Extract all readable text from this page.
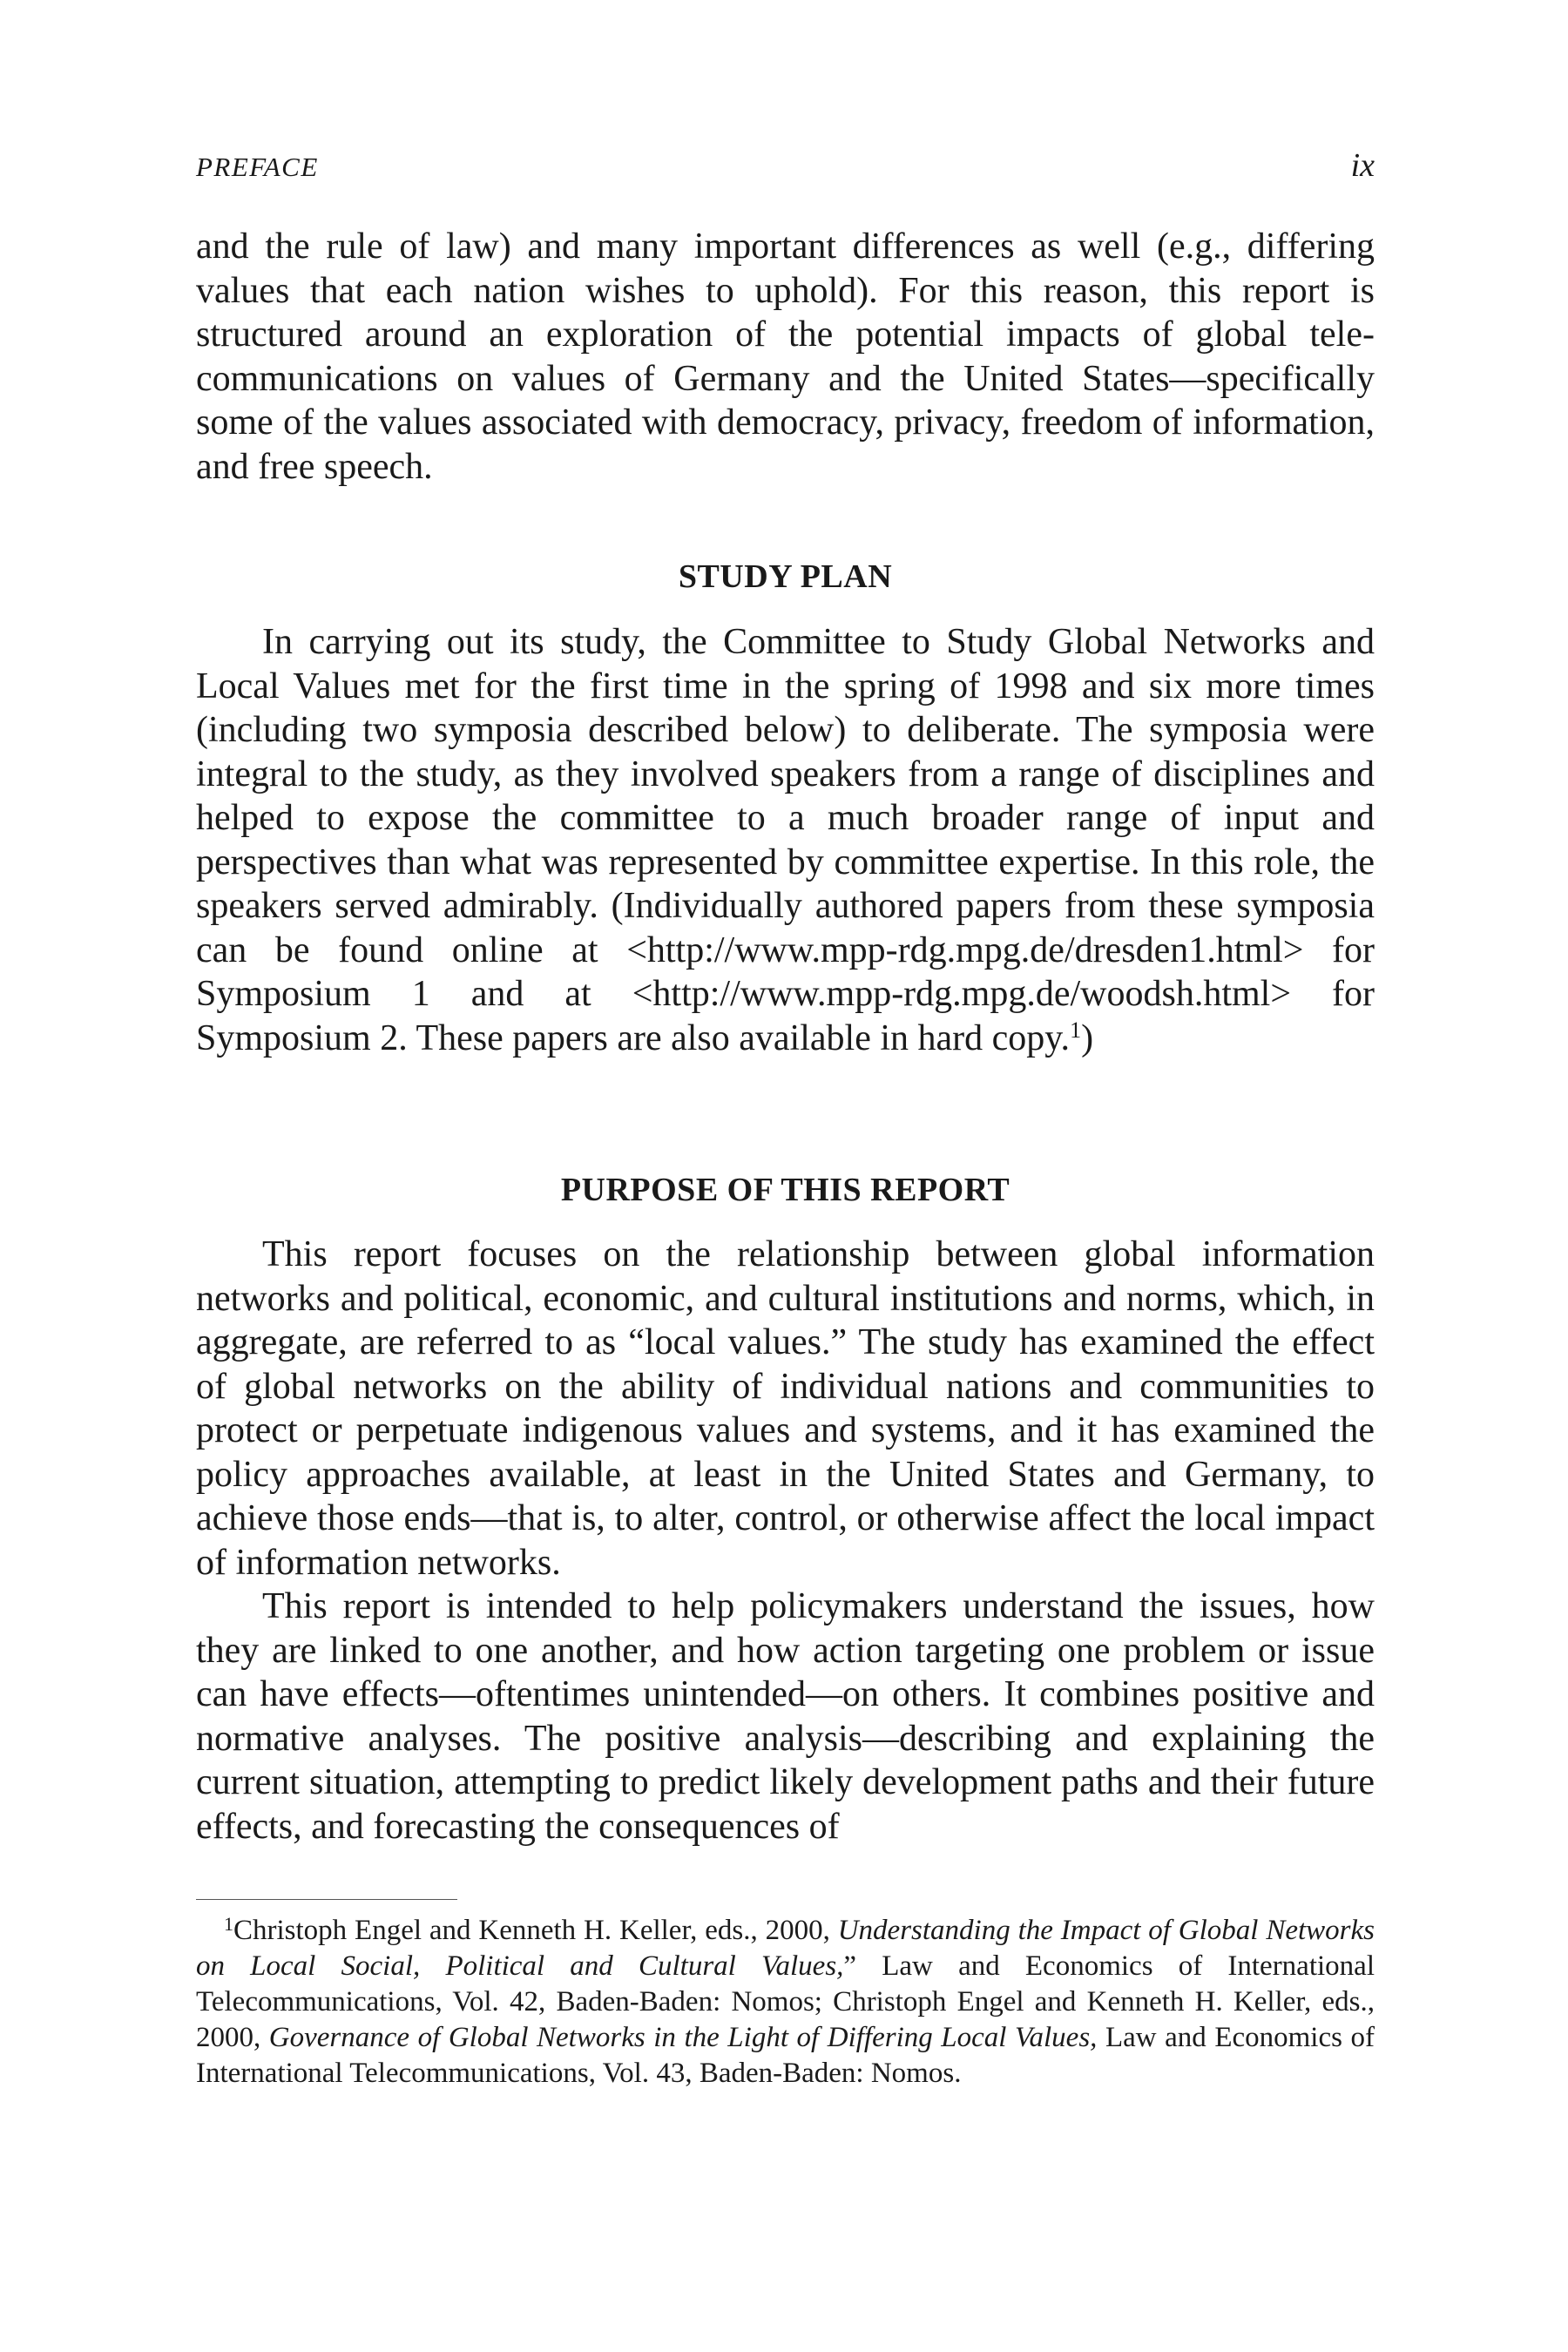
PREFACE	ix

and the rule of law) and many important differences as well (e.g., differing values that each nation wishes to uphold). For this reason, this report is structured around an exploration of the potential impacts of global telecommunications on values of Germany and the United States—specifically some of the values associated with democracy, privacy, freedom of information, and free speech.

STUDY PLAN

In carrying out its study, the Committee to Study Global Networks and Local Values met for the first time in the spring of 1998 and six more times (including two symposia described below) to deliberate. The symposia were integral to the study, as they involved speakers from a range of disciplines and helped to expose the committee to a much broader range of input and perspectives than what was represented by committee expertise. In this role, the speakers served admirably. (Individually authored papers from these symposia can be found online at <http://www.mpp-rdg.mpg.de/dresden1.html> for Symposium 1 and at <http://www.mpp-rdg.mpg.de/woodsh.html> for Symposium 2. These papers are also available in hard copy.$^1$)

PURPOSE OF THIS REPORT

This report focuses on the relationship between global information networks and political, economic, and cultural institutions and norms, which, in aggregate, are referred to as “local values.” The study has examined the effect of global networks on the ability of individual nations and communities to protect or perpetuate indigenous values and systems, and it has examined the policy approaches available, at least in the United States and Germany, to achieve those ends—that is, to alter, control, or otherwise affect the local impact of information networks.

This report is intended to help policymakers understand the issues, how they are linked to one another, and how action targeting one problem or issue can have effects—oftentimes unintended—on others. It combines positive and normative analyses. The positive analysis—describing and explaining the current situation, attempting to predict likely development paths and their future effects, and forecasting the consequences of

$^1$Christoph Engel and Kenneth H. Keller, eds., 2000, Understanding the Impact of Global Networks on Local Social, Political and Cultural Values,” Law and Economics of International Telecommunications, Vol. 42, Baden-Baden: Nomos; Christoph Engel and Kenneth H. Keller, eds., 2000, Governance of Global Networks in the Light of Differing Local Values, Law and Economics of International Telecommunications, Vol. 43, Baden-Baden: Nomos.
